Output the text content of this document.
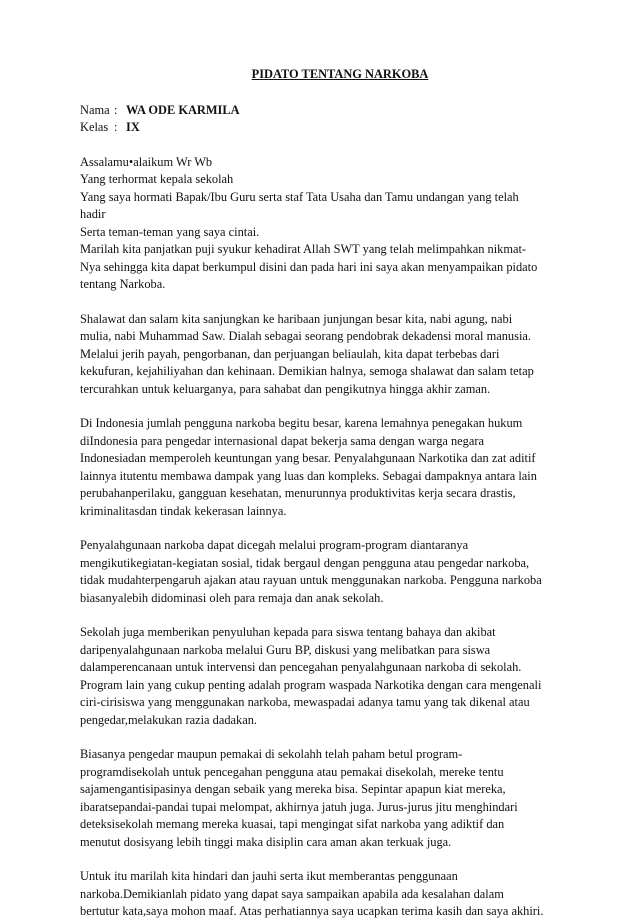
PIDATO TENTANG NARKOBA
Nama : WA ODE KARMILA
Kelas : IX
Assalamu•alaikum Wr Wb
Yang terhormat kepala sekolah
Yang saya hormati Bapak/Ibu Guru serta staf Tata Usaha dan Tamu undangan yang telah
hadir
Serta teman-teman yang saya cintai.
Marilah kita panjatkan puji syukur kehadirat Allah SWT yang telah melimpahkan nikmat-
Nya sehingga kita dapat berkumpul disini dan pada hari ini saya akan menyampaikan pidato
tentang Narkoba.
Shalawat dan salam kita sanjungkan ke haribaan junjungan besar kita, nabi agung, nabi
mulia, nabi Muhammad Saw. Dialah sebagai seorang pendobrak dekadensi moral manusia.
Melalui jerih payah, pengorbanan, dan perjuangan beliaulah, kita dapat terbebas dari
kekufuran, kejahiliyahan dan kehinaan. Demikian halnya, semoga shalawat dan salam tetap
tercurahkan untuk keluarganya, para sahabat dan pengikutnya hingga akhir zaman.
Di Indonesia jumlah pengguna narkoba begitu besar, karena lemahnya penegakan hukum
diIndonesia para pengedar internasional dapat bekerja sama dengan warga negara
Indonesiadan memperoleh keuntungan yang besar. Penyalahgunaan Narkotika dan zat aditif
lainnya itutentu membawa dampak yang luas dan kompleks. Sebagai dampaknya antara lain
perubahanperilaku, gangguan kesehatan, menurunnya produktivitas kerja secara drastis,
kriminalitasdan tindak kekerasan lainnya.
Penyalahgunaan narkoba dapat dicegah melalui program-program diantaranya
mengikutikegiatan-kegiatan sosial, tidak bergaul dengan pengguna atau pengedar narkoba,
tidak mudahterpengaruh ajakan atau rayuan untuk menggunakan narkoba. Pengguna narkoba
biasanyalebih didominasi oleh para remaja dan anak sekolah.
Sekolah juga memberikan penyuluhan kepada para siswa tentang bahaya dan akibat
daripenyalahgunaan narkoba melalui Guru BP, diskusi yang melibatkan para siswa
dalamperencanaan untuk intervensi dan pencegahan penyalahgunaan narkoba di sekolah.
Program lain yang cukup penting adalah program waspada Narkotika dengan cara mengenali
ciri-cirisiswa yang menggunakan narkoba, mewaspadai adanya tamu yang tak dikenal atau
pengedar,melakukan razia dadakan.
Biasanya pengedar maupun pemakai di sekolahh telah paham betul program-
programdisekolah untuk pencegahan pengguna atau pemakai disekolah, mereke tentu
sajamengantisipasinya dengan sebaik yang mereka bisa. Sepintar apapun kiat mereka,
ibaratsepandai-pandai tupai melompat, akhirnya jatuh juga. Jurus-jurus jitu menghindari
deteksisekolah memang mereka kuasai, tapi mengingat sifat narkoba yang adiktif dan
menutut dosisyang lebih tinggi maka disiplin cara aman akan terkuak juga.
Untuk itu marilah kita hindari dan jauhi serta ikut memberantas penggunaan
narkoba.Demikianlah pidato yang dapat saya sampaikan apabila ada kesalahan dalam
bertutur kata,saya mohon maaf. Atas perhatiannya saya ucapkan terima kasih dan saya akhiri.
